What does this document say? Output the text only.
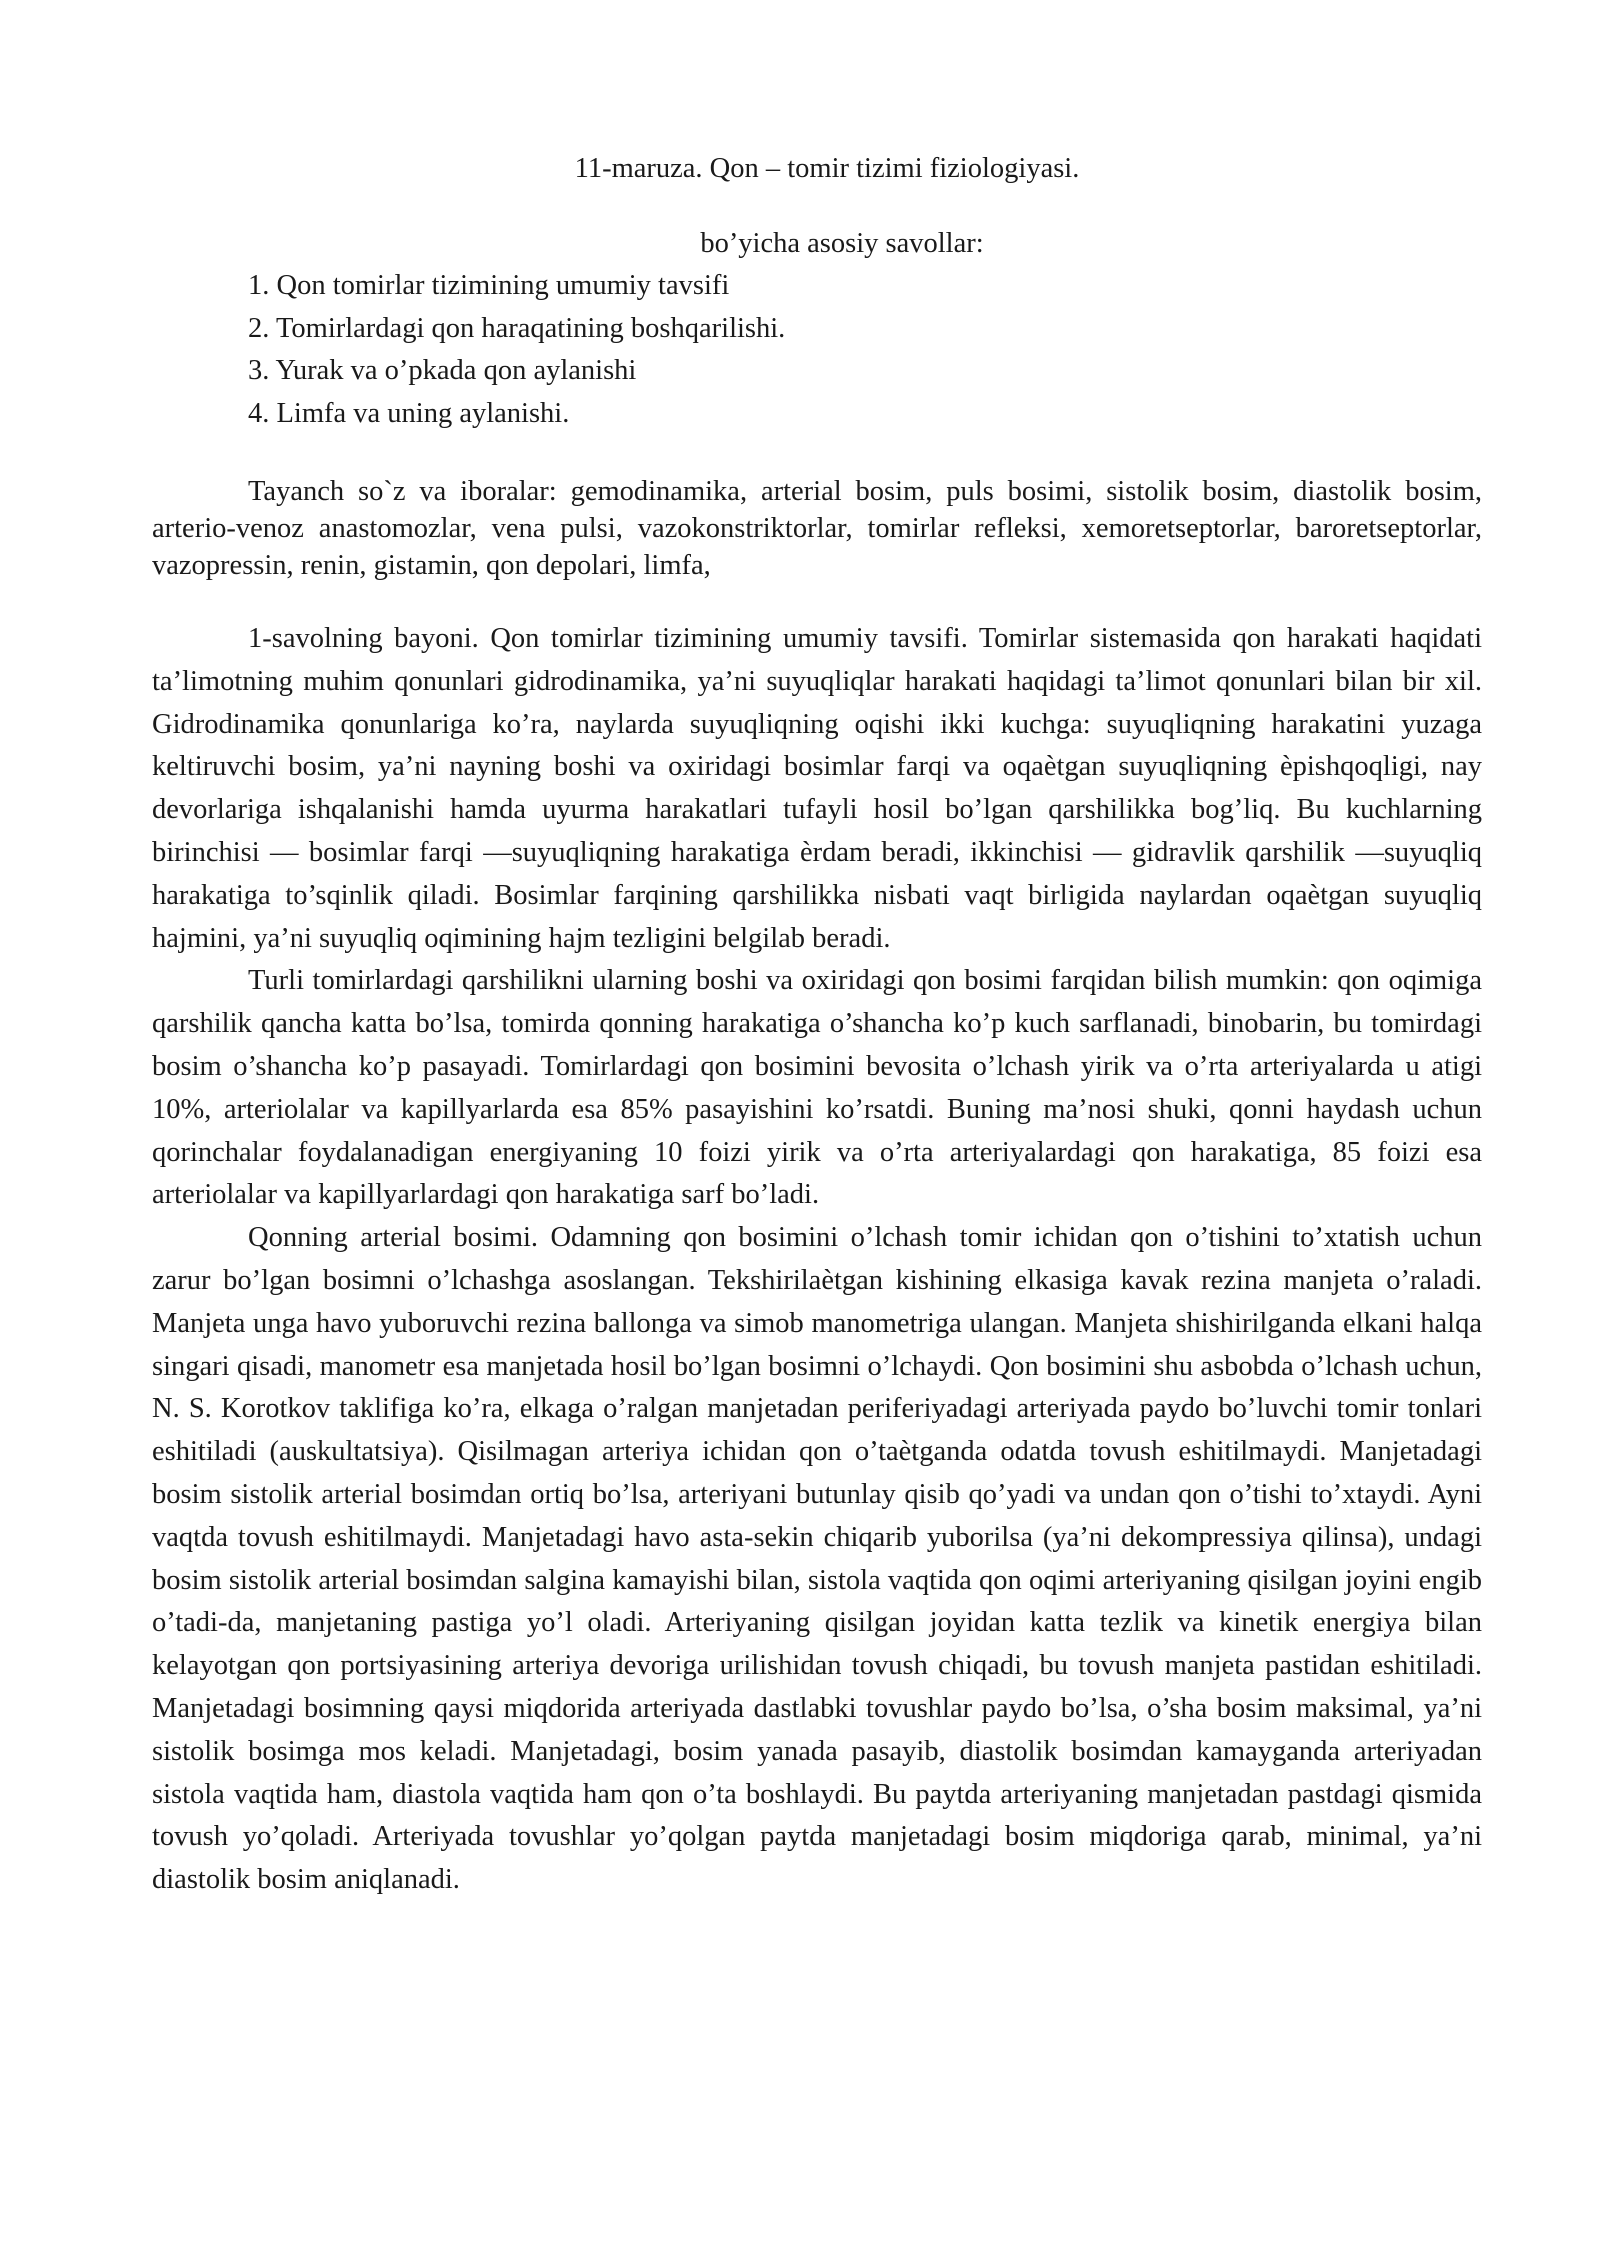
11-maruza. Qon – tomir tizimi fiziologiyasi.

bo’yicha asosiy savollar:

1. Qon tomirlar tizimining umumiy tavsifi
2. Tomirlardagi qon haraqatining boshqarilishi.
3. Yurak va o’pkada qon aylanishi
4. Limfa va uning aylanishi.

Tayanch so`z va iboralar: gemodinamika, arterial bosim, puls bosimi, sistolik bosim, diastolik bosim, arterio-venoz anastomozlar, vena pulsi, vazokonstriktorlar, tomirlar refleksi, xemoretseptorlar, baroretseptorlar, vazopressin, renin, gistamin, qon depolari, limfa,

1-savolning bayoni. Qon tomirlar tizimining umumiy tavsifi. Tomirlar sistemasida qon harakati haqidati ta’limotning muhim qonunlari gidrodinamika, ya’ni suyuqliqlar harakati haqidagi ta’limot qonunlari bilan bir xil. Gidrodinamika qonunlariga ko’ra, naylarda suyuqliqning oqishi ikki kuchga: suyuqliqning harakatini yuzaga keltiruvchi bosim, ya’ni nayning boshi va oxiridagi bosimlar farqi va oqaètgan suyuqliqning èpishqoqligi, nay devorlariga ishqalanishi hamda uyurma harakatlari tufayli hosil bo’lgan qarshilikka bog’liq. Bu kuchlarning birinchisi — bosimlar farqi —suyuqliqning harakatiga èrdam beradi, ikkinchisi — gidravlik qarshilik —suyuqliq harakatiga to’sqinlik qiladi. Bosimlar farqining qarshilikka nisbati vaqt birligida naylardan oqaètgan suyuqliq hajmini, ya’ni suyuqliq oqimining hajm tezligini belgilab beradi.

Turli tomirlardagi qarshilikni ularning boshi va oxiridagi qon bosimi farqidan bilish mumkin: qon oqimiga qarshilik qancha katta bo’lsa, tomirda qonning harakatiga o’shancha ko’p kuch sarflanadi, binobarin, bu tomirdagi bosim o’shancha ko’p pasayadi. Tomirlardagi qon bosimini bevosita o’lchash yirik va o’rta arteriyalarda u atigi 10%, arteriolalar va kapillyarlarda esa 85% pasayishini ko’rsatdi. Buning ma’nosi shuki, qonni haydash uchun qorinchalar foydalanadigan energiyaning 10 foizi yirik va o’rta arteriyalardagi qon harakatiga, 85 foizi esa arteriolalar va kapillyarlardagi qon harakatiga sarf bo’ladi.

Qonning arterial bosimi. Odamning qon bosimini o’lchash tomir ichidan qon o’tishini to’xtatish uchun zarur bo’lgan bosimni o’lchashga asoslangan. Tekshirilaètgan kishining elkasiga kavak rezina manjeta o’raladi. Manjeta unga havo yuboruvchi rezina ballonga va simob manometriga ulangan. Manjeta shishirilganda elkani halqa singari qisadi, manometr esa manjetada hosil bo’lgan bosimni o’lchaydi. Qon bosimini shu asbobda o’lchash uchun, N. S. Korotkov taklifiga ko’ra, elkaga o’ralgan manjetadan periferiyadagi arteriyada paydo bo’luvchi tomir tonlari eshitiladi (auskultatsiya). Qisilmagan arteriya ichidan qon o’taètganda odatda tovush eshitilmaydi. Manjetadagi bosim sistolik arterial bosimdan ortiq bo’lsa, arteriyani butunlay qisib qo’yadi va undan qon o’tishi to’xtaydi. Ayni vaqtda tovush eshitilmaydi. Manjetadagi havo asta-sekin chiqarib yuborilsa (ya’ni dekompressiya qilinsa), undagi bosim sistolik arterial bosimdan salgina kamayishi bilan, sistola vaqtida qon oqimi arteriyaning qisilgan joyini engib o’tadi-da, manjetaning pastiga yo’l oladi. Arteriyaning qisilgan joyidan katta tezlik va kinetik energiya bilan kelayotgan qon portsiyasining arteriya devoriga urilishidan tovush chiqadi, bu tovush manjeta pastidan eshitiladi. Manjetadagi bosimning qaysi miqdorida arteriyada dastlabki tovushlar paydo bo’lsa, o’sha bosim maksimal, ya’ni sistolik bosimga mos keladi. Manjetadagi, bosim yanada pasayib, diastolik bosimdan kamayganda arteriyadan sistola vaqtida ham, diastola vaqtida ham qon o’ta boshlaydi. Bu paytda arteriyaning manjetadan pastdagi qismida tovush yo’qoladi. Arteriyada tovushlar yo’qolgan paytda manjetadagi bosim miqdoriga qarab, minimal, ya’ni diastolik bosim aniqlanadi.
